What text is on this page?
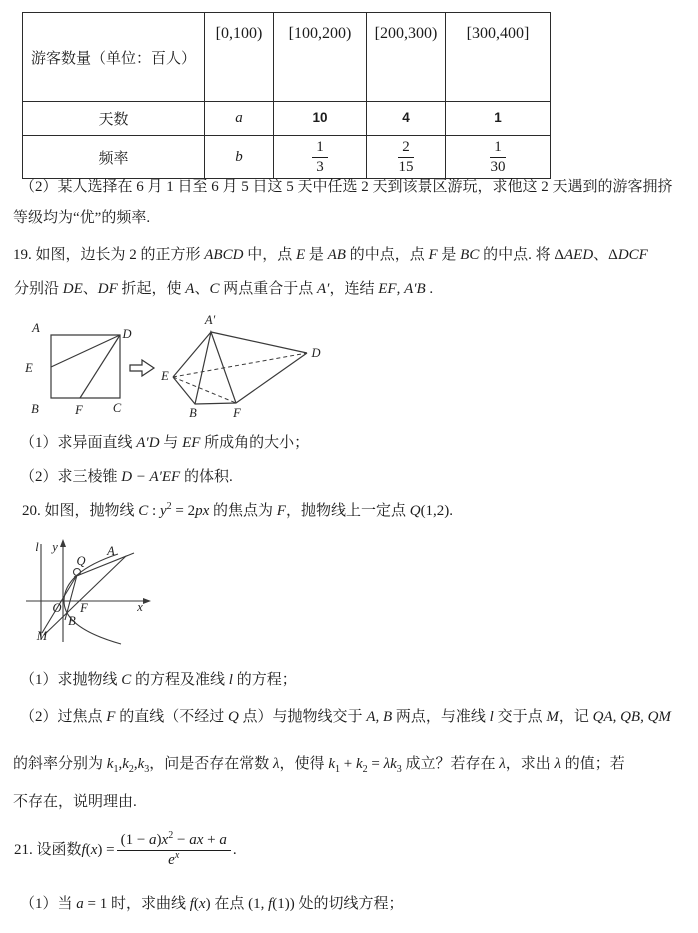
游客数量（单位：百人）	[0,100)	[100,200)	[200,300)	[300,400]
天数	a	10	4	1
频率	b	$\frac{1}{3}$	$\frac{2}{15}$	$\frac{1}{30}$
（2）某人选择在 6 月 1 日至 6 月 5 日这 5 天中任选 2 天到该景区游玩，求他这 2 天遇到的游客拥挤
等级均为“优”的频率.
19. 如图，边长为 2 的正方形 ABCD 中，点 E 是 AB 的中点，点 F 是 BC 的中点. 将 ΔAED、ΔDCF
分别沿 DE、DF 折起，使 A、C 两点重合于点 A′，连结 EF, A′B .
A	D
E
B	F C
A′
E
B	F
D
（1）求异面直线 A′D 与 EF 所成角的大小；
（2）求三棱锥 D − A′EF 的体积.
20. 如图，抛物线 C : $y^2 = 2px$ 的焦点为 F，抛物线上一定点 Q(1,2).
l y
x
O F
Q
A
B
M
（1）求抛物线 C 的方程及准线 l 的方程；
（2）过焦点 F 的直线（不经过 Q 点）与抛物线交于 A, B 两点，与准线 l 交于点 M，记 QA, QB, QM
的斜率分别为 $k_1,k_2,k_3$，问是否存在常数 λ，使得 $k_1 + k_2 = \lambda k_3$ 成立？若存在 λ，求出 λ 的值；若
不存在，说明理由.
21. 设函数 f ( x ) = $\frac{(1 - a)x^2 - ax + a}{e^x}$ .
（1）当 a = 1 时，求曲线 f(x) 在点 (1, f(1)) 处的切线方程；
